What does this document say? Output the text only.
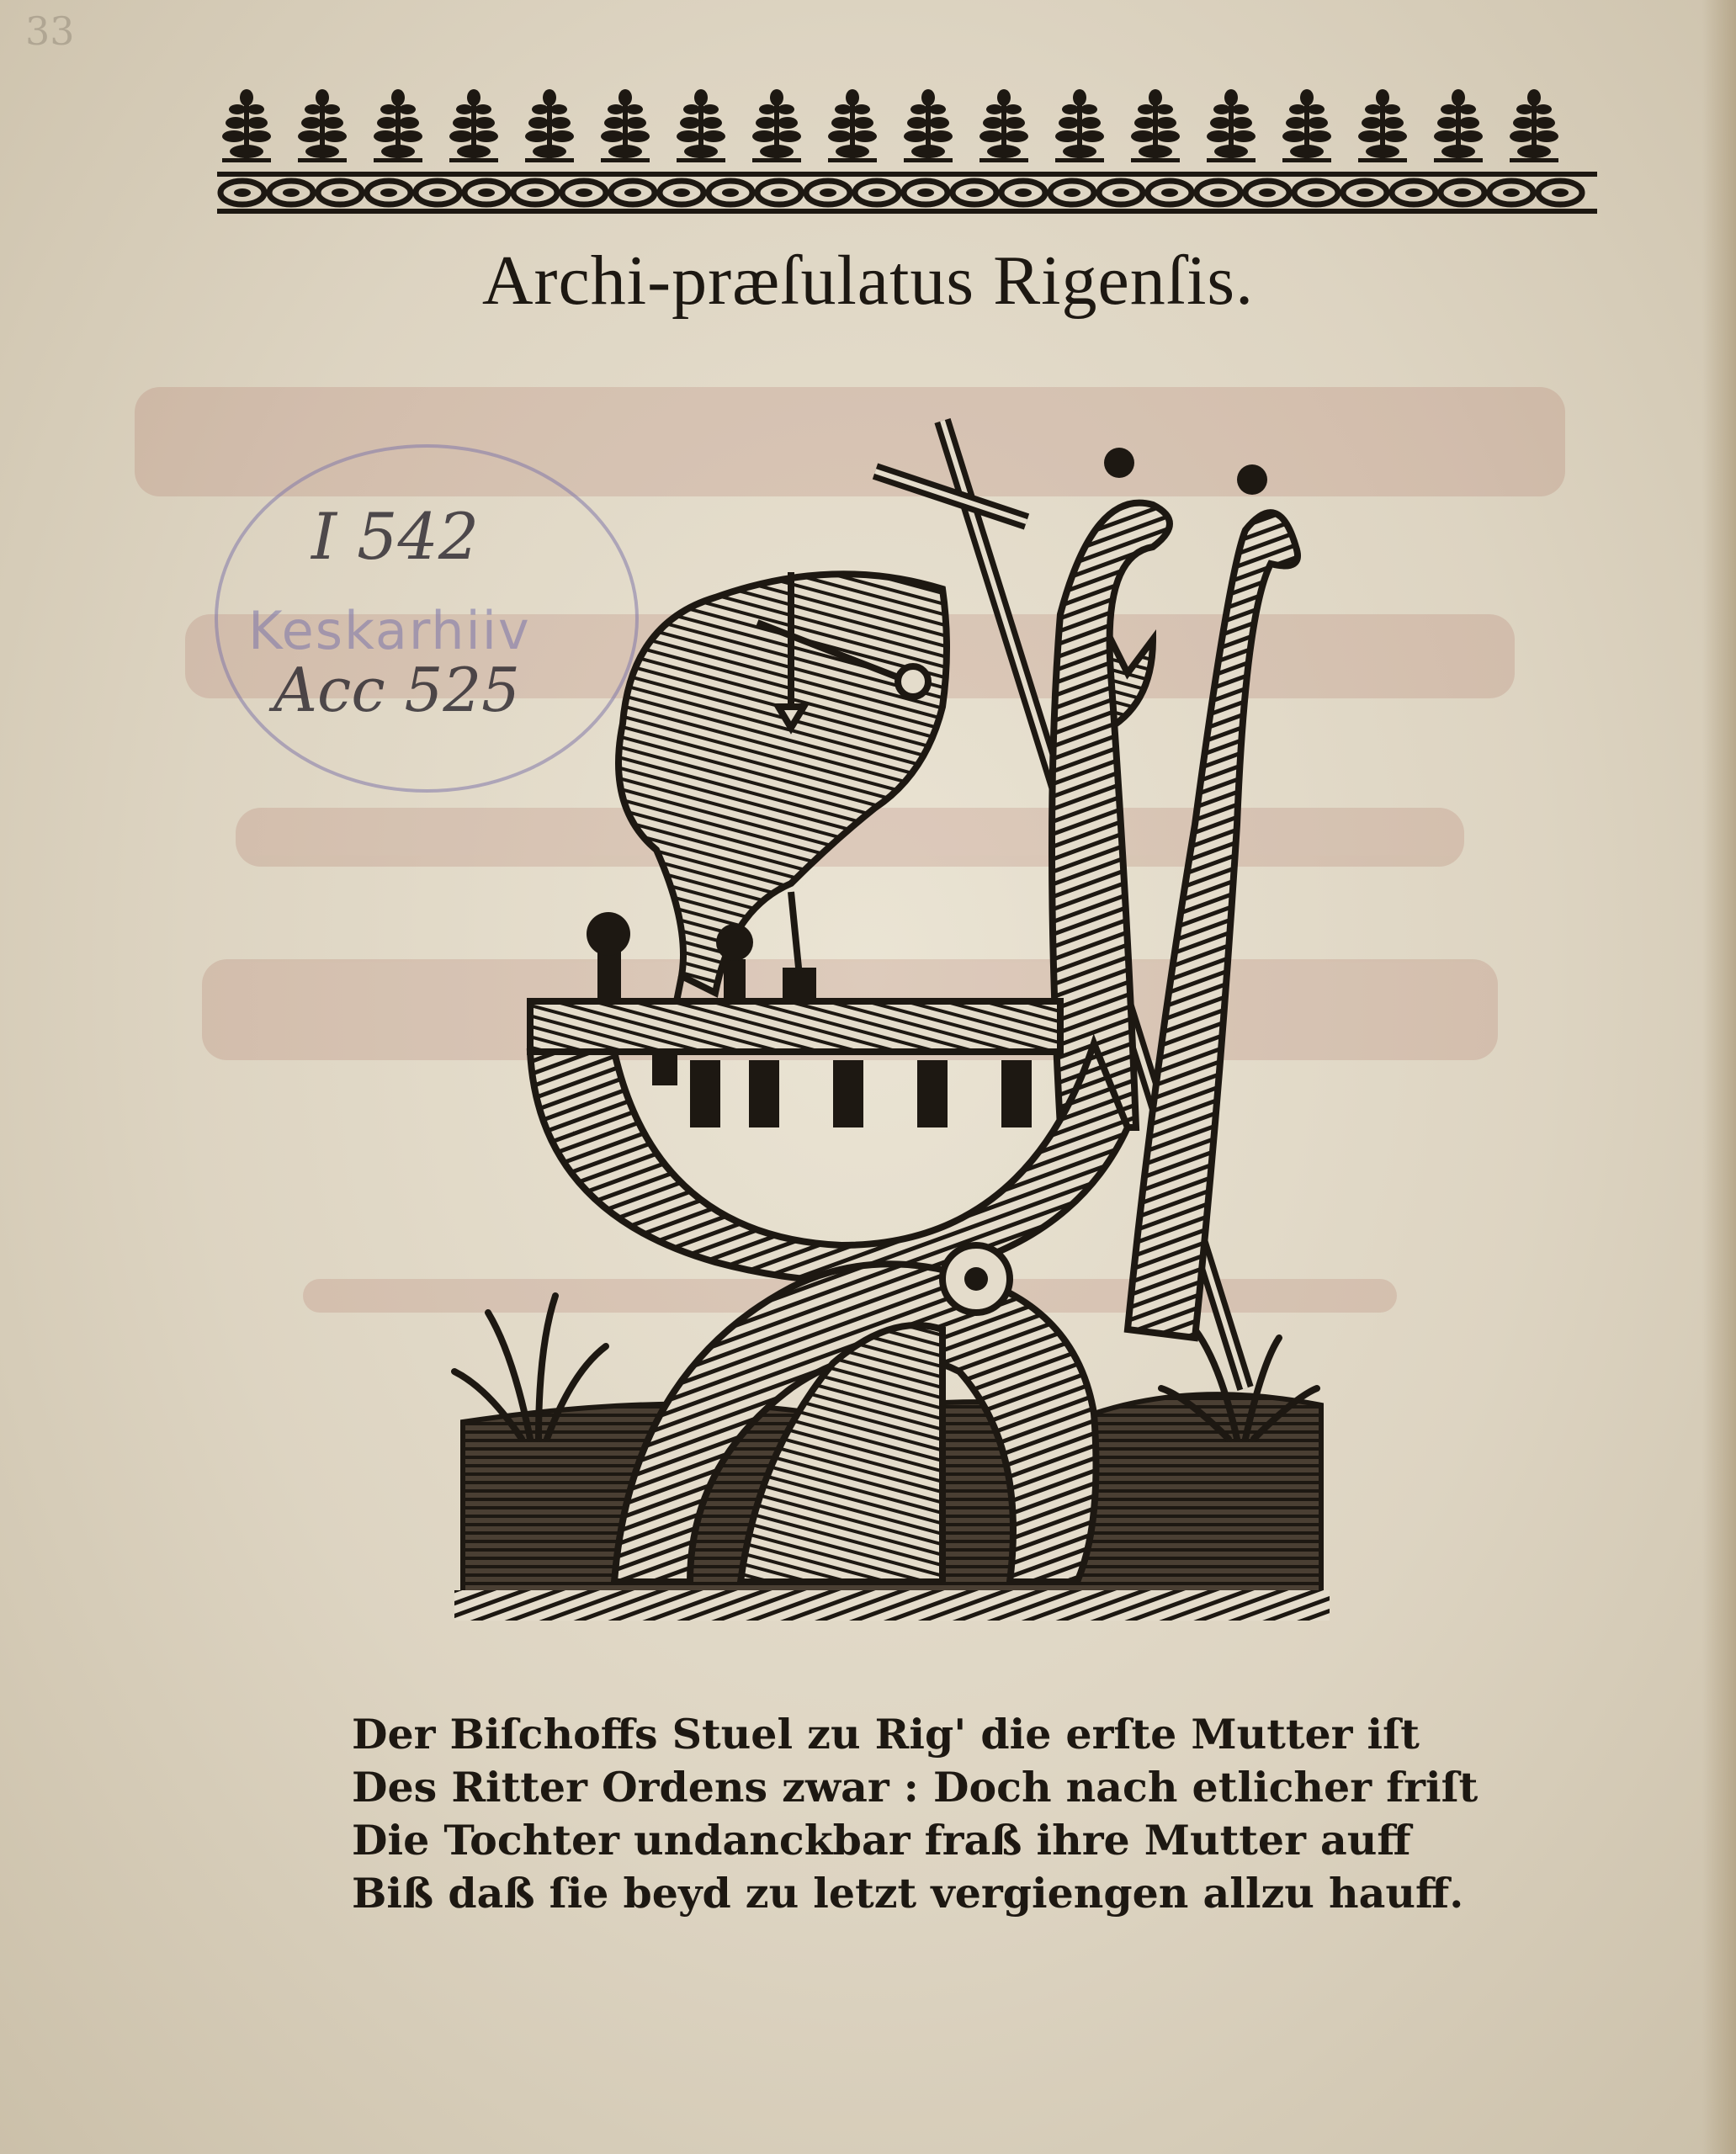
33
Archi-præſulatus Rigenſis.
I 542
Keskarhiiv
Acc 525
Der Biſchoffs Stuel zu Rig' die erſte Mutter iſt
Des Ritter Ordens zwar : Doch nach etlicher friſt
Die Tochter undanckbar fraß ihre Mutter auff
Biß daß ſie beyd zu letzt vergiengen allzu hauff.
